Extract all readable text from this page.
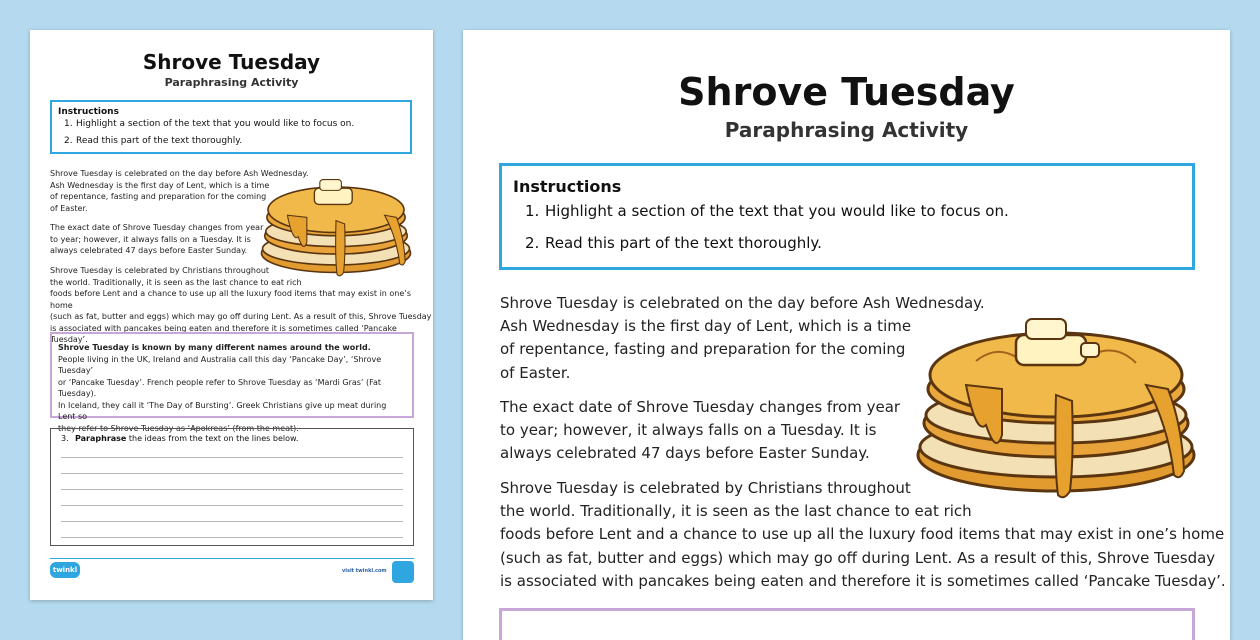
Shrove Tuesday
Paraphrasing Activity
Instructions
1. Highlight a section of the text that you would like to focus on.
2. Read this part of the text thoroughly.
Shrove Tuesday is celebrated on the day before Ash Wednesday.
Ash Wednesday is the first day of Lent, which is a time
of repentance, fasting and preparation for the coming
of Easter.
The exact date of Shrove Tuesday changes from year
to year; however, it always falls on a Tuesday. It is
always celebrated 47 days before Easter Sunday.
Shrove Tuesday is celebrated by Christians throughout
the world. Traditionally, it is seen as the last chance to eat rich
foods before Lent and a chance to use up all the luxury food items that may exist in one’s home
(such as fat, butter and eggs) which may go off during Lent. As a result of this, Shrove Tuesday
is associated with pancakes being eaten and therefore it is sometimes called ‘Pancake Tuesday’.
Shrove Tuesday is known by many different names around the world.
People living in the UK, Ireland and Australia call this day ‘Pancake Day’, ‘Shrove Tuesday’
or ‘Pancake Tuesday’. French people refer to Shrove Tuesday as ‘Mardi Gras’ (Fat Tuesday).
In Iceland, they call it ‘The Day of Bursting’. Greek Christians give up meat during Lent so
they refer to Shrove Tuesday as ‘Apokreas’ (from the meat).
3. Paraphrase the ideas from the text on the lines below.
twinkl	visit twinkl.com
Shrove Tuesday
Paraphrasing Activity
Instructions
1. Highlight a section of the text that you would like to focus on.
2. Read this part of the text thoroughly.
Shrove Tuesday is celebrated on the day before Ash Wednesday.
Ash Wednesday is the first day of Lent, which is a time
of repentance, fasting and preparation for the coming
of Easter.
The exact date of Shrove Tuesday changes from year
to year; however, it always falls on a Tuesday. It is
always celebrated 47 days before Easter Sunday.
Shrove Tuesday is celebrated by Christians throughout
the world. Traditionally, it is seen as the last chance to eat rich
foods before Lent and a chance to use up all the luxury food items that may exist in one’s home
(such as fat, butter and eggs) which may go off during Lent. As a result of this, Shrove Tuesday
is associated with pancakes being eaten and therefore it is sometimes called ‘Pancake Tuesday’.
